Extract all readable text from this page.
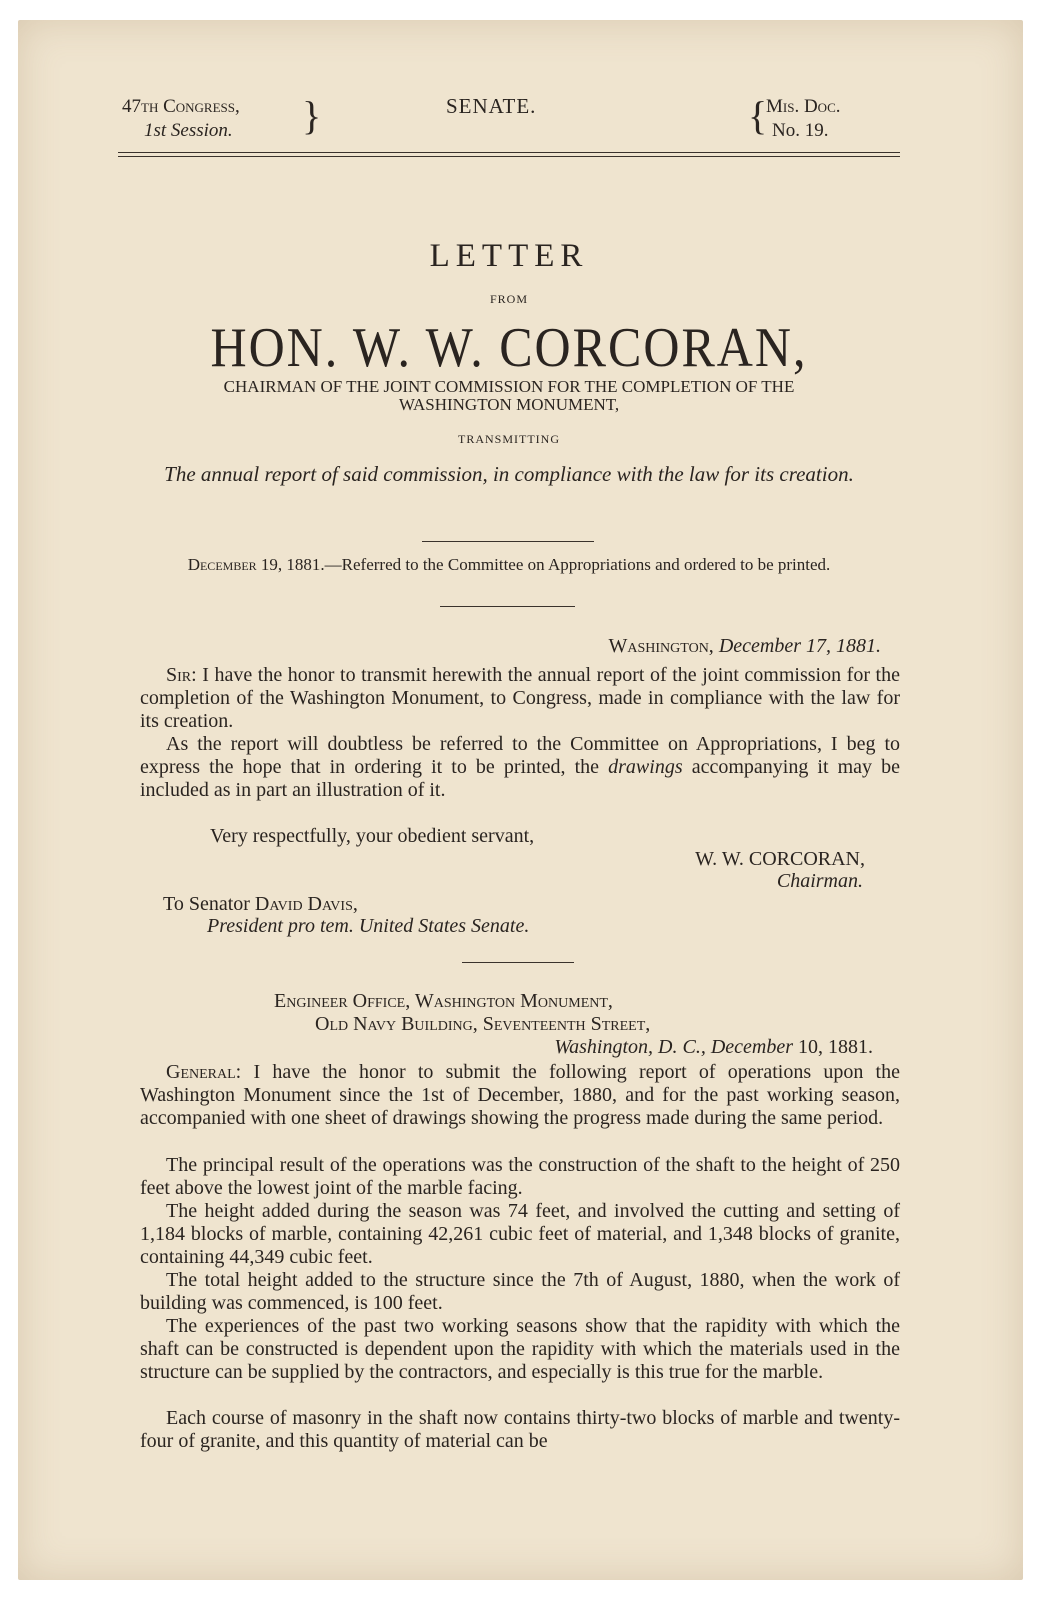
47th Congress,
1st Session. }	SENATE.	{
Mis. Doc.
No. 19.
LETTER
FROM
HON. W. W. CORCORAN,
CHAIRMAN OF THE JOINT COMMISSION FOR THE COMPLETION OF THE WASHINGTON MONUMENT,
TRANSMITTING
The annual report of said commission, in compliance with the law for its creation.
December 19, 1881.—Referred to the Committee on Appropriations and ordered to be printed.
Washington, December 17, 1881.
Sir: I have the honor to transmit herewith the annual report of the joint commission for the completion of the Washington Monument, to Congress, made in compliance with the law for its creation.
As the report will doubtless be referred to the Committee on Appropriations, I beg to express the hope that in ordering it to be printed, the drawings accompanying it may be included as in part an illustration of it.
Very respectfully, your obedient servant,
W. W. CORCORAN,
Chairman.
To Senator David Davis,
President pro tem. United States Senate.
Engineer Office, Washington Monument,
Old Navy Building, Seventeenth Street,
Washington, D. C., December 10, 1881.
General: I have the honor to submit the following report of operations upon the Washington Monument since the 1st of December, 1880, and for the past working season, accompanied with one sheet of drawings showing the progress made during the same period.
The principal result of the operations was the construction of the shaft to the height of 250 feet above the lowest joint of the marble facing.
The height added during the season was 74 feet, and involved the cutting and setting of 1,184 blocks of marble, containing 42,261 cubic feet of material, and 1,348 blocks of granite, containing 44,349 cubic feet.
The total height added to the structure since the 7th of August, 1880, when the work of building was commenced, is 100 feet.
The experiences of the past two working seasons show that the rapidity with which the shaft can be constructed is dependent upon the rapidity with which the materials used in the structure can be supplied by the contractors, and especially is this true for the marble.
Each course of masonry in the shaft now contains thirty-two blocks of marble and twenty-four of granite, and this quantity of material can be
